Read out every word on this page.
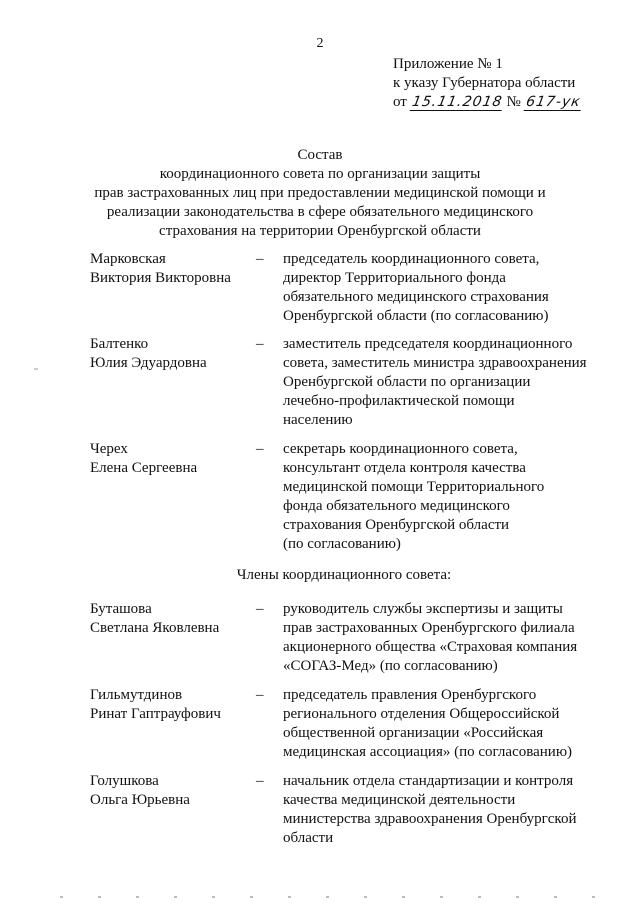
2
Приложение № 1
к указу Губернатора области
от 15.11.2018 № 617-ук
Состав
координационного совета по организации защиты
прав застрахованных лиц при предоставлении медицинской помощи и
реализации законодательства в сфере обязательного медицинского
страхования на территории Оренбургской области
Марковская
Виктория Викторовна
– председатель координационного совета,
директор Территориального фонда
обязательного медицинского страхования
Оренбургской области (по согласованию)
Балтенко
Юлия Эдуардовна
– заместитель председателя координационного
совета, заместитель министра здравоохранения
Оренбургской области по организации
лечебно-профилактической помощи
населению
Черех
Елена Сергеевна
– секретарь координационного совета,
консультант отдела контроля качества
медицинской помощи Территориального
фонда обязательного медицинского
страхования Оренбургской области
(по согласованию)
Члены координационного совета:
Буташова
Светлана Яковлевна
– руководитель службы экспертизы и защиты
прав застрахованных Оренбургского филиала
акционерного общества «Страховая компания
«СОГАЗ-Мед» (по согласованию)
Гильмутдинов
Ринат Гаптрауфович
– председатель правления Оренбургского
регионального отделения Общероссийской
общественной организации «Российская
медицинская ассоциация» (по согласованию)
Голушкова
Ольга Юрьевна
– начальник отдела стандартизации и контроля
качества медицинской деятельности
министерства здравоохранения Оренбургской
области
